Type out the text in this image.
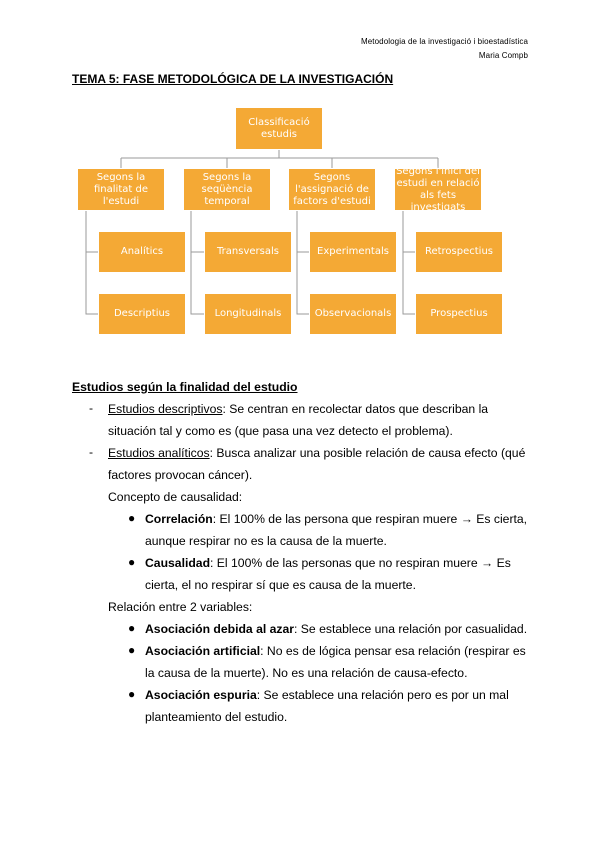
Metodologia de la investigació i bioestadística
Maria Compb
TEMA 5: FASE METODOLÓGICA DE LA INVESTIGACIÓN
Classificació estudis
Segons la finalitat de l'estudi
Segons la seqüència temporal
Segons l'assignació de factors d'estudi
Segons l'inici del estudi en relació als fets investigats
Analítics
Descriptius
Transversals
Longitudinals
Experimentals
Observacionals
Retrospectius
Prospectius
Estudios según la finalidad del estudio
- Estudios descriptivos: Se centran en recolectar datos que describan la
situación tal y como es (que pasa una vez detecto el problema).
- Estudios analíticos: Busca analizar una posible relación de causa efecto (qué
factores provocan cáncer).
Concepto de causalidad:
● Correlación: El 100% de las persona que respiran muere → Es cierta,
aunque respirar no es la causa de la muerte.
● Causalidad: El 100% de las personas que no respiran muere → Es
cierta, el no respirar sí que es causa de la muerte.
Relación entre 2 variables:
● Asociación debida al azar: Se establece una relación por casualidad.
● Asociación artificial: No es de lógica pensar esa relación (respirar es
la causa de la muerte). No es una relación de causa-efecto.
● Asociación espuria: Se establece una relación pero es por un mal
planteamiento del estudio.
